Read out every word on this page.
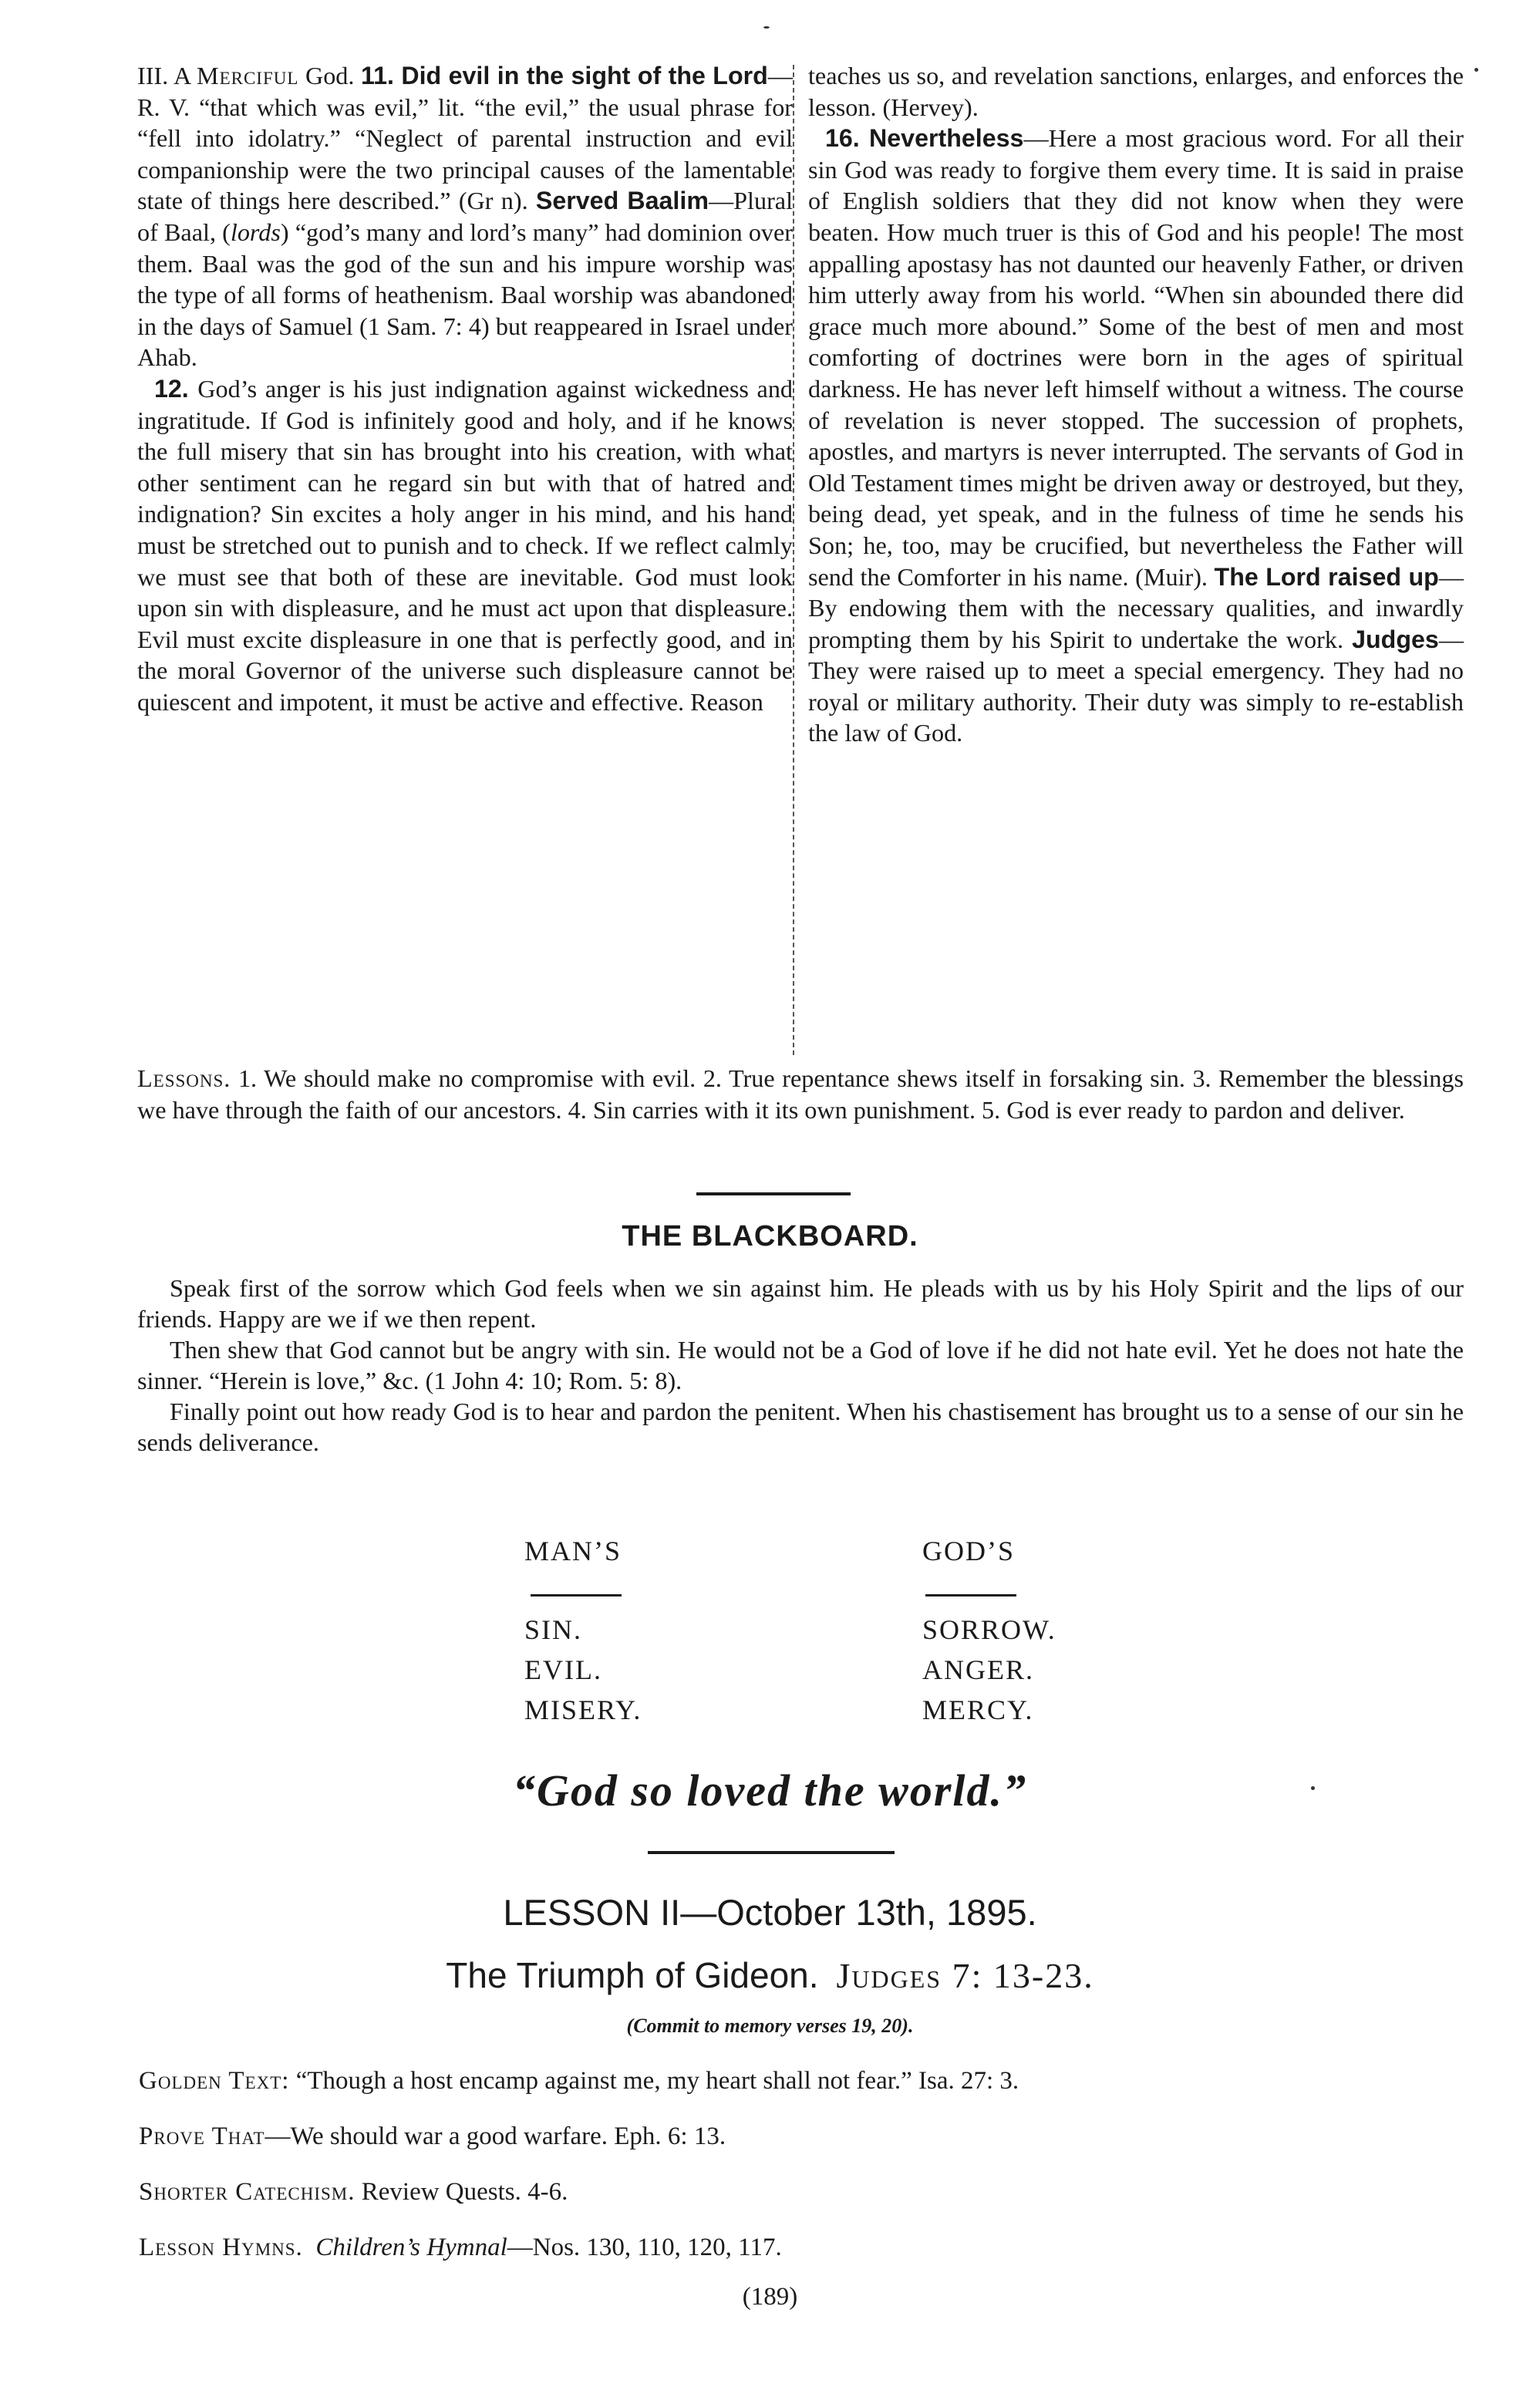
III. A Merciful God. 11. Did evil in the sight of the Lord—R. V. “that which was evil,” lit. “the evil,” the usual phrase for “fell into idolatry.” “Neglect of parental instruction and evil companionship were the two principal causes of the lamentable state of things here described.” (Gr n). Served Baalim—Plural of Baal, (lords) “god’s many and lord’s many” had dominion over them. Baal was the god of the sun and his impure worship was the type of all forms of heathenism. Baal worship was abandoned in the days of Samuel (1 Sam. 7: 4) but reappeared in Israel under Ahab.

12. God’s anger is his just indignation against wickedness and ingratitude. If God is infinitely good and holy, and if he knows the full misery that sin has brought into his creation, with what other sentiment can he regard sin but with that of hatred and indignation? Sin excites a holy anger in his mind, and his hand must be stretched out to punish and to check. If we reflect calmly we must see that both of these are inevitable. God must look upon sin with displeasure, and he must act upon that displeasure. Evil must excite displeasure in one that is perfectly good, and in the moral Governor of the universe such displeasure cannot be quiescent and impotent, it must be active and effective. Reason

teaches us so, and revelation sanctions, enlarges, and enforces the lesson. (Hervey).

16. Nevertheless—Here a most gracious word. For all their sin God was ready to forgive them every time. It is said in praise of English soldiers that they did not know when they were beaten. How much truer is this of God and his people! The most appalling apostasy has not daunted our heavenly Father, or driven him utterly away from his world. “When sin abounded there did grace much more abound.” Some of the best of men and most comforting of doctrines were born in the ages of spiritual darkness. He has never left himself without a witness. The course of revelation is never stopped. The succession of prophets, apostles, and martyrs is never interrupted. The servants of God in Old Testament times might be driven away or destroyed, but they, being dead, yet speak, and in the fulness of time he sends his Son; he, too, may be crucified, but nevertheless the Father will send the Comforter in his name. (Muir). The Lord raised up—By endowing them with the necessary qualities, and inwardly prompting them by his Spirit to undertake the work. Judges—They were raised up to meet a special emergency. They had no royal or military authority. Their duty was simply to re-establish the law of God.

Lessons. 1. We should make no compromise with evil. 2. True repentance shews itself in forsaking sin. 3. Remember the blessings we have through the faith of our ancestors. 4. Sin carries with it its own punishment. 5. God is ever ready to pardon and deliver.
THE BLACKBOARD.

Speak first of the sorrow which God feels when we sin against him. He pleads with us by his Holy Spirit and the lips of our friends. Happy are we if we then repent.

Then shew that God cannot but be angry with sin. He would not be a God of love if he did not hate evil. Yet he does not hate the sinner. “Herein is love,” &c. (1 John 4: 10; Rom. 5: 8).

Finally point out how ready God is to hear and pardon the penitent. When his chastisement has brought us to a sense of our sin he sends deliverance.

MAN’S	GOD’S
SIN.
EVIL.
MISERY.
SORROW.
ANGER.
MERCY.
“God so loved the world.”
LESSON II—October 13th, 1895.
The Triumph of Gideon. Judges 7: 13-23.
(Commit to memory verses 19, 20).
Golden Text: “Though a host encamp against me, my heart shall not fear.” Isa. 27: 3.
Prove That—We should war a good warfare. Eph. 6: 13.
Shorter Catechism. Review Quests. 4-6.
Lesson Hymns. Children’s Hymnal—Nos. 130, 110, 120, 117.
(189)
